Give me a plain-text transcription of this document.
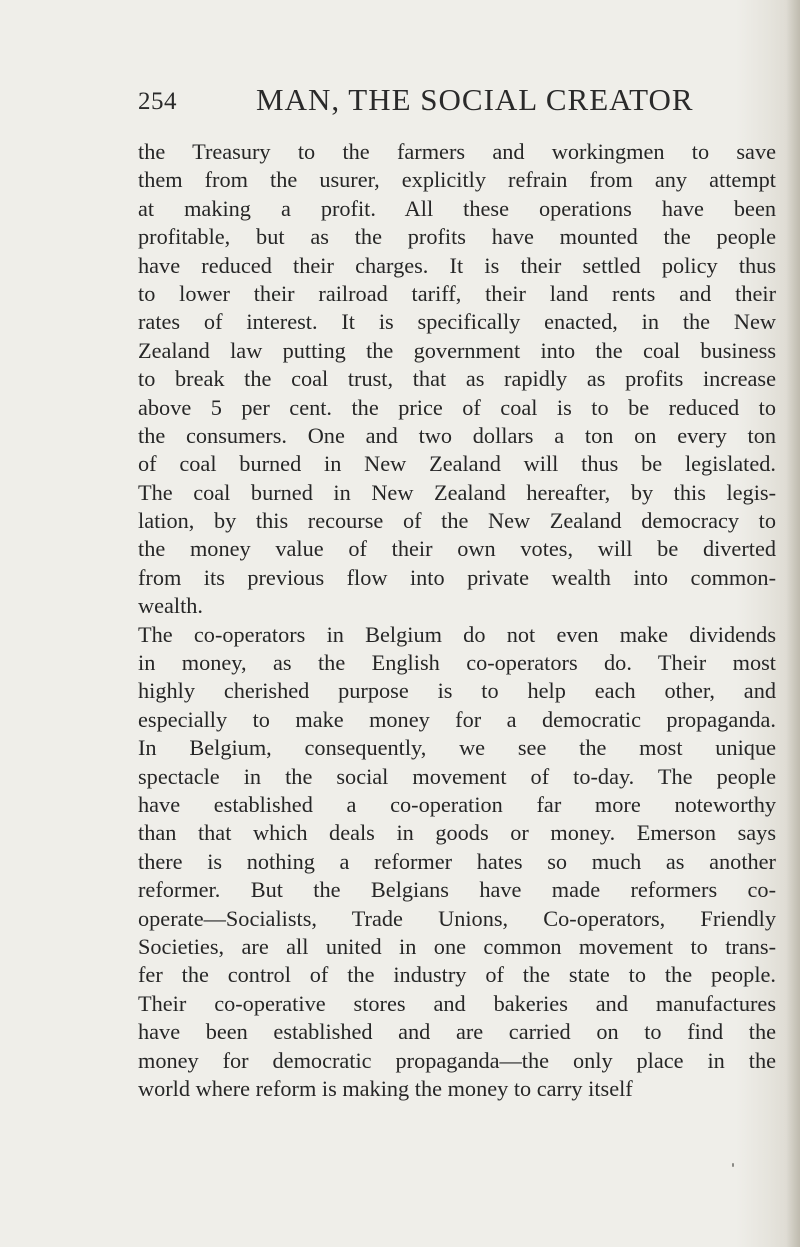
254	MAN, THE SOCIAL CREATOR
the Treasury to the farmers and workingmen to save
them from the usurer, explicitly refrain from any attempt
at making a profit. All these operations have been
profitable, but as the profits have mounted the people
have reduced their charges. It is their settled policy thus
to lower their railroad tariff, their land rents and their
rates of interest. It is specifically enacted, in the New
Zealand law putting the government into the coal business
to break the coal trust, that as rapidly as profits increase
above 5 per cent. the price of coal is to be reduced to
the consumers. One and two dollars a ton on every ton
of coal burned in New Zealand will thus be legislated.
The coal burned in New Zealand hereafter, by this legis-
lation, by this recourse of the New Zealand democracy to
the money value of their own votes, will be diverted
from its previous flow into private wealth into common-
wealth.
The co-operators in Belgium do not even make dividends
in money, as the English co-operators do. Their most
highly cherished purpose is to help each other, and
especially to make money for a democratic propaganda.
In Belgium, consequently, we see the most unique
spectacle in the social movement of to-day. The people
have established a co-operation far more noteworthy
than that which deals in goods or money. Emerson says
there is nothing a reformer hates so much as another
reformer. But the Belgians have made reformers co-
operate—Socialists, Trade Unions, Co-operators, Friendly
Societies, are all united in one common movement to trans-
fer the control of the industry of the state to the people.
Their co-operative stores and bakeries and manufactures
have been established and are carried on to find the
money for democratic propaganda—the only place in the
world where reform is making the money to carry itself
